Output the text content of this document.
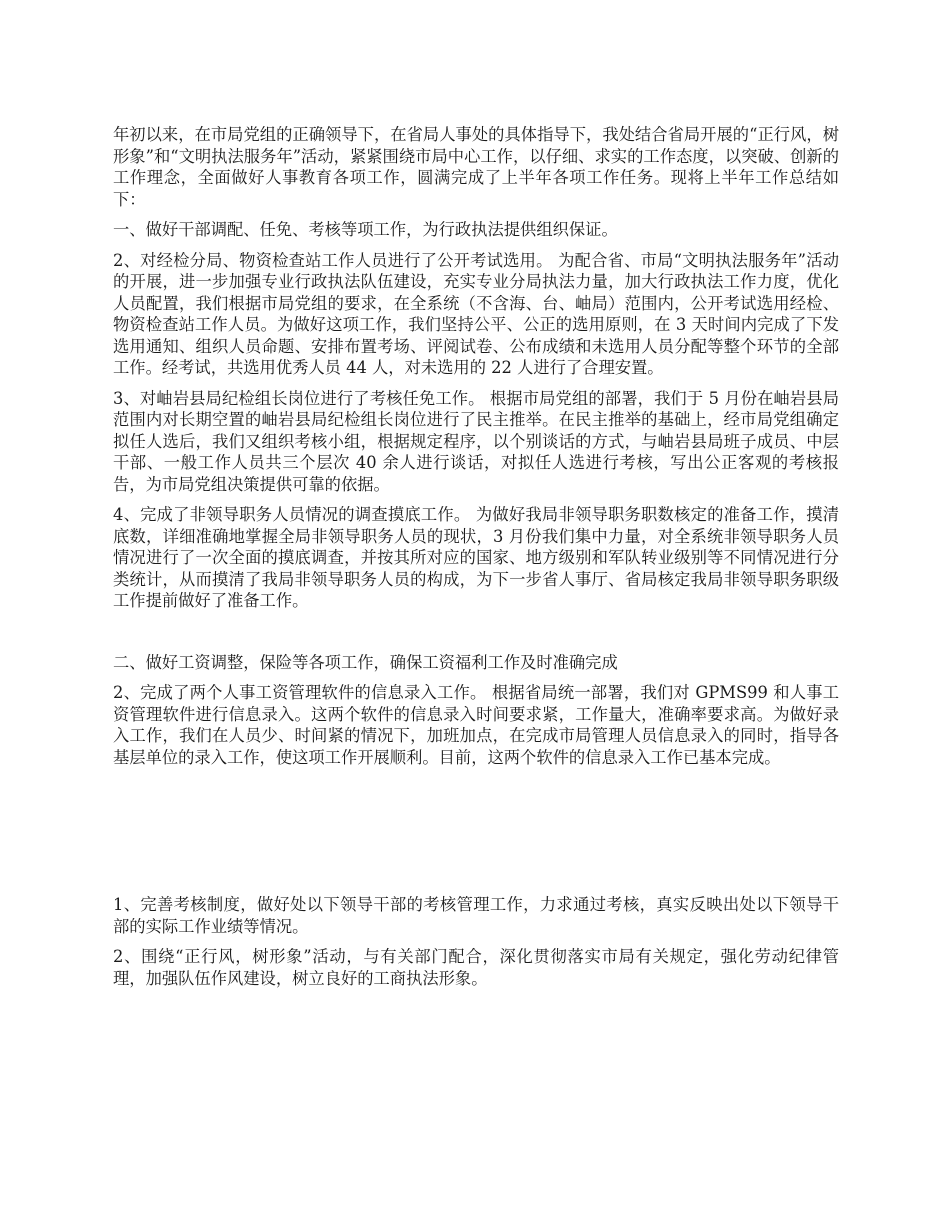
年初以来，在市局党组的正确领导下，在省局人事处的具体指导下，我处结合省局开展的“正行风，树形象”和“文明执法服务年”活动，紧紧围绕市局中心工作，以仔细、求实的工作态度，以突破、创新的工作理念，全面做好人事教育各项工作，圆满完成了上半年各项工作任务。现将上半年工作总结如下：

一、做好干部调配、任免、考核等项工作，为行政执法提供组织保证。

2、对经检分局、物资检查站工作人员进行了公开考试选用。 为配合省、市局“文明执法服务年”活动的开展，进一步加强专业行政执法队伍建设，充实专业分局执法力量，加大行政执法工作力度，优化人员配置，我们根据市局党组的要求，在全系统（不含海、台、岫局）范围内，公开考试选用经检、物资检查站工作人员。为做好这项工作，我们坚持公平、公正的选用原则，在 3 天时间内完成了下发选用通知、组织人员命题、安排布置考场、评阅试卷、公布成绩和未选用人员分配等整个环节的全部工作。经考试，共选用优秀人员 44 人，对未选用的 22 人进行了合理安置。

3、对岫岩县局纪检组长岗位进行了考核任免工作。 根据市局党组的部署，我们于 5 月份在岫岩县局范围内对长期空置的岫岩县局纪检组长岗位进行了民主推举。在民主推举的基础上，经市局党组确定拟任人选后，我们又组织考核小组，根据规定程序，以个别谈话的方式，与岫岩县局班子成员、中层干部、一般工作人员共三个层次 40 余人进行谈话，对拟任人选进行考核，写出公正客观的考核报告，为市局党组决策提供可靠的依据。

4、完成了非领导职务人员情况的调查摸底工作。 为做好我局非领导职务职数核定的准备工作，摸清底数，详细准确地掌握全局非领导职务人员的现状，3 月份我们集中力量，对全系统非领导职务人员情况进行了一次全面的摸底调查，并按其所对应的国家、地方级别和军队转业级别等不同情况进行分类统计，从而摸清了我局非领导职务人员的构成，为下一步省人事厅、省局核定我局非领导职务职级工作提前做好了准备工作。

二、做好工资调整，保险等各项工作，确保工资福利工作及时准确完成

2、完成了两个人事工资管理软件的信息录入工作。 根据省局统一部署，我们对 GPMS99 和人事工资管理软件进行信息录入。这两个软件的信息录入时间要求紧，工作量大，准确率要求高。为做好录入工作，我们在人员少、时间紧的情况下，加班加点，在完成市局管理人员信息录入的同时，指导各基层单位的录入工作，使这项工作开展顺利。目前，这两个软件的信息录入工作已基本完成。

1、完善考核制度，做好处以下领导干部的考核管理工作，力求通过考核，真实反映出处以下领导干部的实际工作业绩等情况。

2、围绕“正行风，树形象”活动，与有关部门配合，深化贯彻落实市局有关规定，强化劳动纪律管理，加强队伍作风建设，树立良好的工商执法形象。
